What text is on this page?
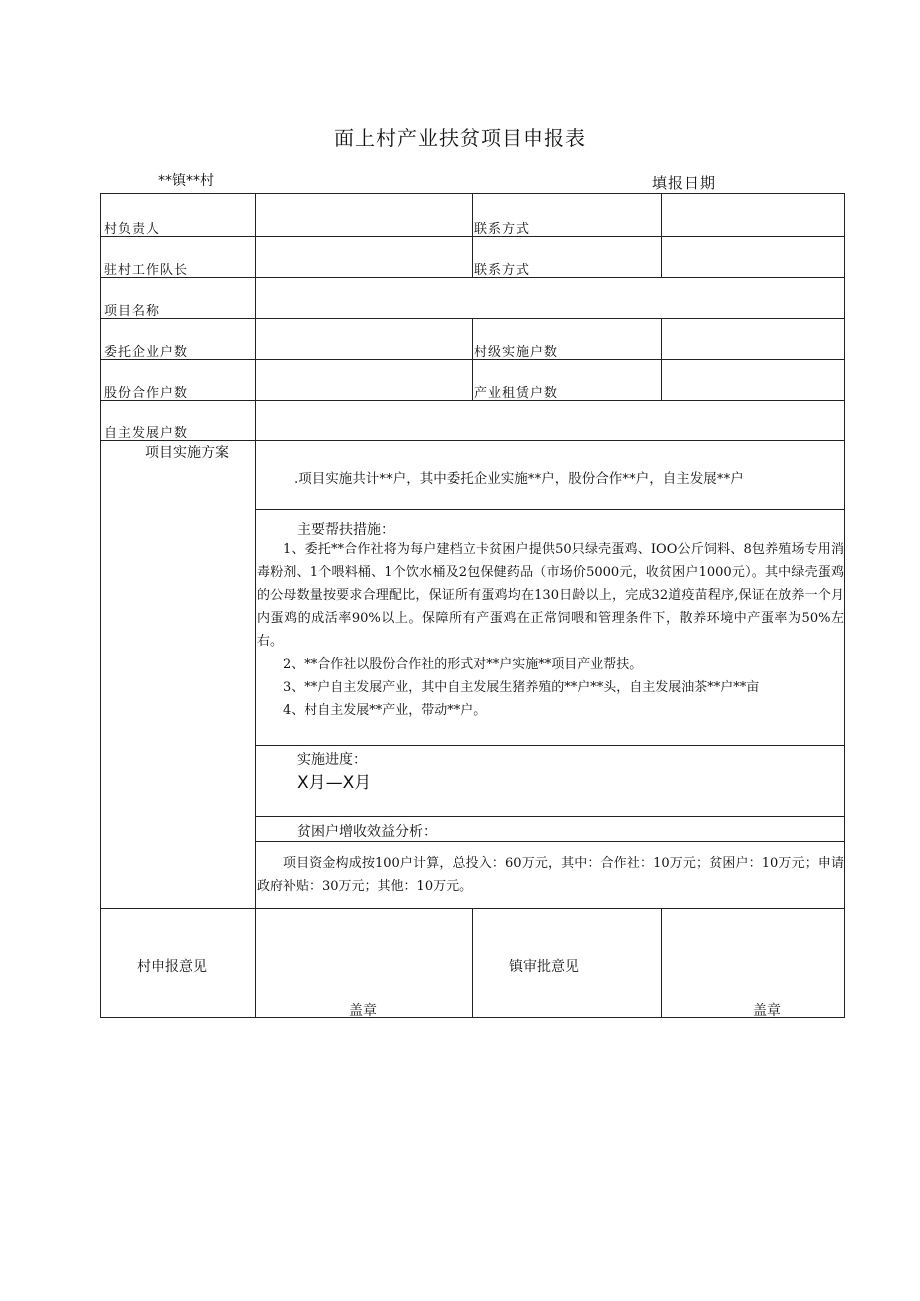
面上村产业扶贫项目申报表
**镇**村	填报日期
村负责人	联系方式
驻村工作队长	联系方式
项目名称
委托企业户数	村级实施户数
股份合作户数	产业租赁户数
自主发展户数
项目实施方案
.项目实施共计**户，其中委托企业实施**户，股份合作**户，自主发展**户
主要帮扶措施：

1、委托**合作社将为每户建档立卡贫困户提供50只绿壳蛋鸡、IOO公斤饲料、8包养殖场专用消毒粉剂、1个喂料桶、1个饮水桶及2包保健药品（市场价5000元，收贫困户1000元）。其中绿壳蛋鸡的公母数量按要求合理配比，保证所有蛋鸡均在130日龄以上，完成32道疫苗程序,保证在放养一个月内蛋鸡的成活率90%以上。保障所有产蛋鸡在正常饲喂和管理条件下，散养环境中产蛋率为50%左右。

2、**合作社以股份合作社的形式对**户实施**项目产业帮扶。

3、**户自主发展产业，其中自主发展生猪养殖的**户**头，自主发展油茶**户**亩

4、村自主发展**产业，带动**户。

实施进度：
X月—X月
贫困户增收效益分析：

项目资金构成按100户计算，总投入：60万元，其中：合作社：10万元；贫困户：10万元；申请政府补贴：30万元；其他：10万元。

村申报意见	镇审批意见
盖章	盖章
